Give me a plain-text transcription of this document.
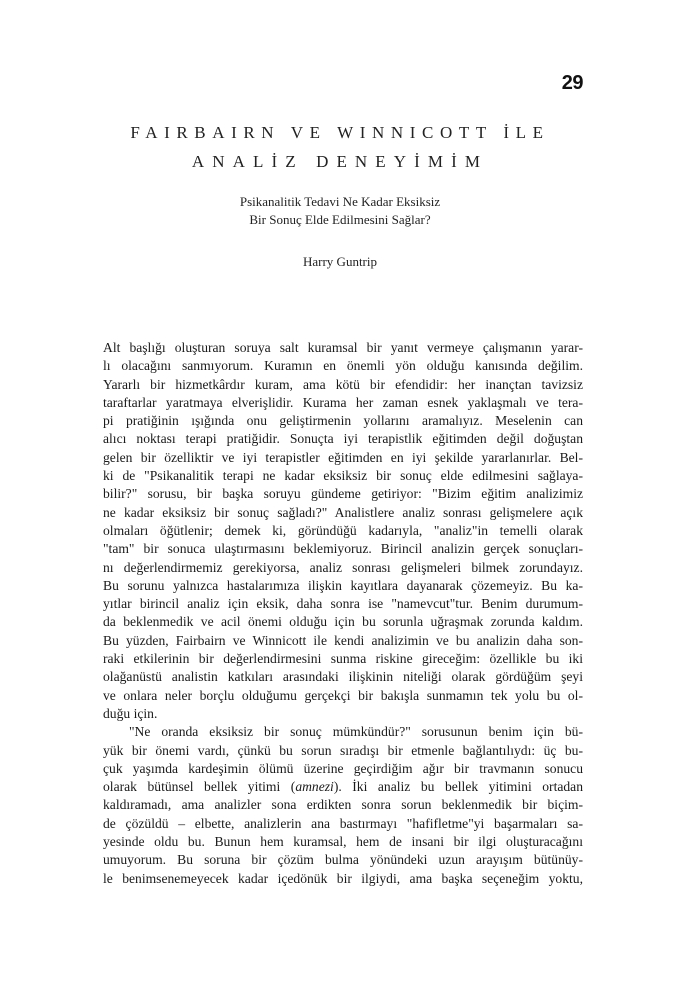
29
FAIRBAIRN VE WINNICOTT İLE
ANALİZ DENEYİMİM
Psikanalitik Tedavi Ne Kadar Eksiksiz
Bir Sonuç Elde Edilmesini Sağlar?
Harry Guntrip
Alt başlığı oluşturan soruya salt kuramsal bir yanıt vermeye çalışmanın yarar-
lı olacağını sanmıyorum. Kuramın en önemli yön olduğu kanısında değilim.
Yararlı bir hizmetkârdır kuram, ama kötü bir efendidir: her inançtan tavizsiz
taraftarlar yaratmaya elverişlidir. Kurama her zaman esnek yaklaşmalı ve tera-
pi pratiğinin ışığında onu geliştirmenin yollarını aramalıyız. Meselenin can
alıcı noktası terapi pratiğidir. Sonuçta iyi terapistlik eğitimden değil doğuştan
gelen bir özelliktir ve iyi terapistler eğitimden en iyi şekilde yararlanırlar. Bel-
ki de "Psikanalitik terapi ne kadar eksiksiz bir sonuç elde edilmesini sağlaya-
bilir?" sorusu, bir başka soruyu gündeme getiriyor: "Bizim eğitim analizimiz
ne kadar eksiksiz bir sonuç sağladı?" Analistlere analiz sonrası gelişmelere açık
olmaları öğütlenir; demek ki, göründüğü kadarıyla, "analiz"in temelli olarak
"tam" bir sonuca ulaştırmasını beklemiyoruz. Birincil analizin gerçek sonuçları-
nı değerlendirmemiz gerekiyorsa, analiz sonrası gelişmeleri bilmek zorundayız.
Bu sorunu yalnızca hastalarımıza ilişkin kayıtlara dayanarak çözemeyiz. Bu ka-
yıtlar birincil analiz için eksik, daha sonra ise "namevcut"tur. Benim durumum-
da beklenmedik ve acil önemi olduğu için bu sorunla uğraşmak zorunda kaldım.
Bu yüzden, Fairbairn ve Winnicott ile kendi analizimin ve bu analizin daha son-
raki etkilerinin bir değerlendirmesini sunma riskine gireceğim: özellikle bu iki
olağanüstü analistin katkıları arasındaki ilişkinin niteliği olarak gördüğüm şeyi
ve onlara neler borçlu olduğumu gerçekçi bir bakışla sunmamın tek yolu bu ol-
duğu için.
"Ne oranda eksiksiz bir sonuç mümkündür?" sorusunun benim için bü-
yük bir önemi vardı, çünkü bu sorun sıradışı bir etmenle bağlantılıydı: üç bu-
çuk yaşımda kardeşimin ölümü üzerine geçirdiğim ağır bir travmanın sonucu
olarak bütünsel bellek yitimi (amnezi). İki analiz bu bellek yitimini ortadan
kaldıramadı, ama analizler sona erdikten sonra sorun beklenmedik bir biçim-
de çözüldü – elbette, analizlerin ana bastırmayı "hafifletme"yi başarmaları sa-
yesinde oldu bu. Bunun hem kuramsal, hem de insani bir ilgi oluşturacağını
umuyorum. Bu soruna bir çözüm bulma yönündeki uzun arayışım bütünüy-
le benimsenemeyecek kadar içedönük bir ilgiydi, ama başka seçeneğim yoktu,
